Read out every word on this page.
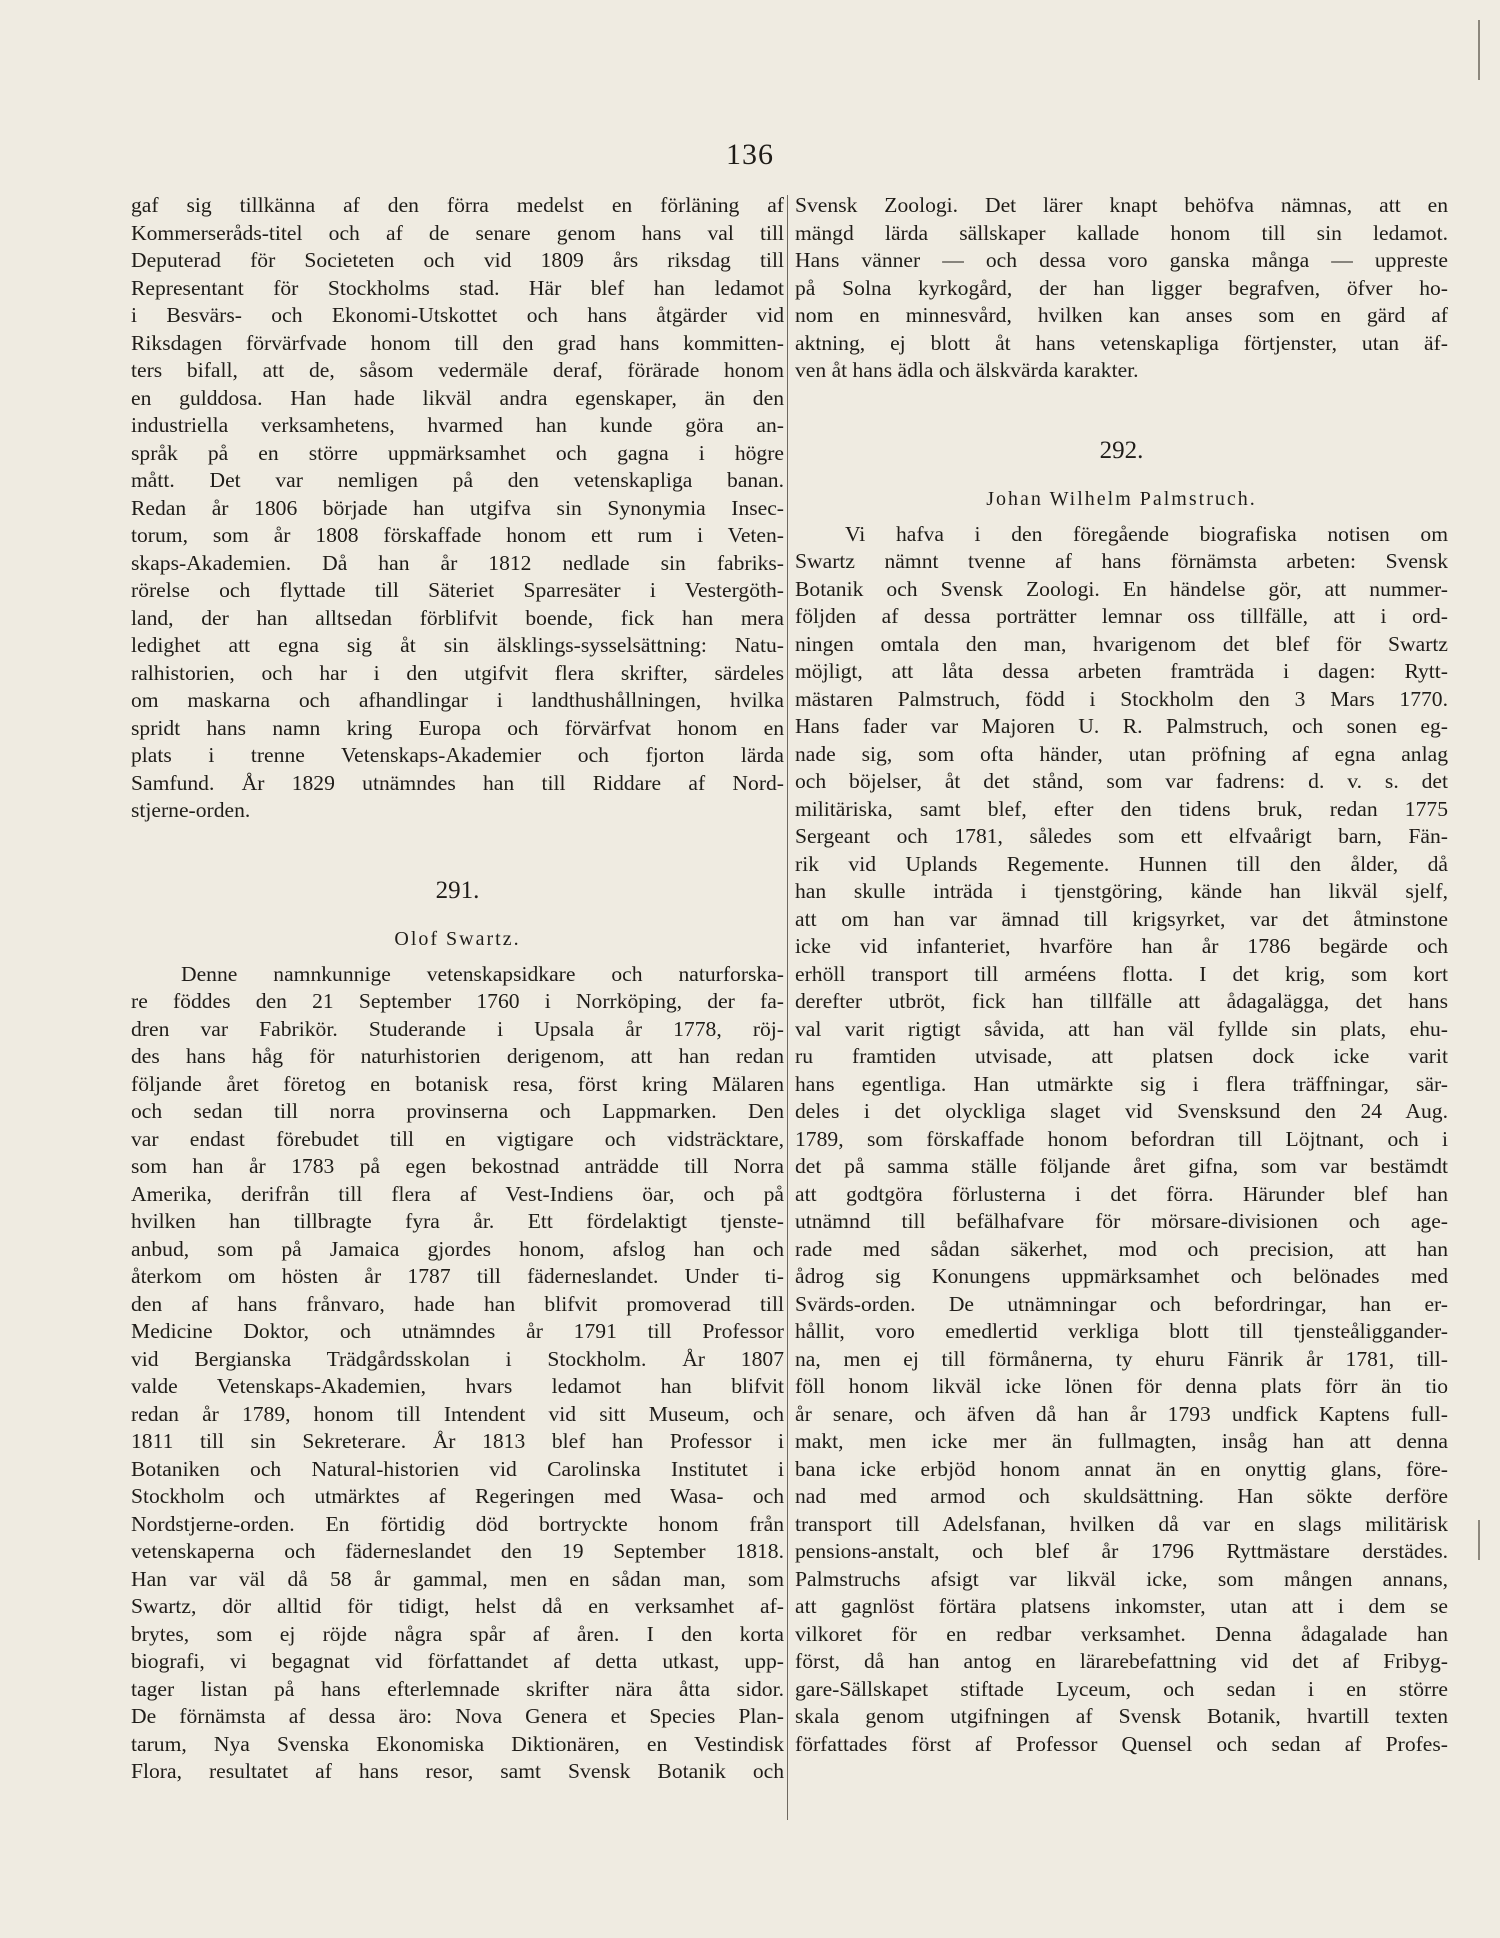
136
gaf sig tillkänna af den förra medelst en förläning af
Kommerseråds-titel och af de senare genom hans val till
Deputerad för Societeten och vid 1809 års riksdag till
Representant för Stockholms stad. Här blef han ledamot
i Besvärs- och Ekonomi-Utskottet och hans åtgärder vid
Riksdagen förvärfvade honom till den grad hans kommitten-
ters bifall, att de, såsom vedermäle deraf, förärade honom
en gulddosa. Han hade likväl andra egenskaper, än den
industriella verksamhetens, hvarmed han kunde göra an-
språk på en större uppmärksamhet och gagna i högre
mått. Det var nemligen på den vetenskapliga banan.
Redan år 1806 började han utgifva sin Synonymia Insec-
torum, som år 1808 förskaffade honom ett rum i Veten-
skaps-Akademien. Då han år 1812 nedlade sin fabriks-
rörelse och flyttade till Säteriet Sparresäter i Vestergöth-
land, der han alltsedan förblifvit boende, fick han mera
ledighet att egna sig åt sin älsklings-sysselsättning: Natu-
ralhistorien, och har i den utgifvit flera skrifter, särdeles
om maskarna och afhandlingar i landthushållningen, hvilka
spridt hans namn kring Europa och förvärfvat honom en
plats i trenne Vetenskaps-Akademier och fjorton lärda
Samfund. År 1829 utnämndes han till Riddare af Nord-
stjerne-orden.
291.
Olof Swartz.
Denne namnkunnige vetenskapsidkare och naturforska-
re föddes den 21 September 1760 i Norrköping, der fa-
dren var Fabrikör. Studerande i Upsala år 1778, röj-
des hans håg för naturhistorien derigenom, att han redan
följande året företog en botanisk resa, först kring Mälaren
och sedan till norra provinserna och Lappmarken. Den
var endast förebudet till en vigtigare och vidsträcktare,
som han år 1783 på egen bekostnad anträdde till Norra
Amerika, derifrån till flera af Vest-Indiens öar, och på
hvilken han tillbragte fyra år. Ett fördelaktigt tjenste-
anbud, som på Jamaica gjordes honom, afslog han och
återkom om hösten år 1787 till fäderneslandet. Under ti-
den af hans frånvaro, hade han blifvit promoverad till
Medicine Doktor, och utnämndes år 1791 till Professor
vid Bergianska Trädgårdsskolan i Stockholm. År 1807
valde Vetenskaps-Akademien, hvars ledamot han blifvit
redan år 1789, honom till Intendent vid sitt Museum, och
1811 till sin Sekreterare. År 1813 blef han Professor i
Botaniken och Natural-historien vid Carolinska Institutet i
Stockholm och utmärktes af Regeringen med Wasa- och
Nordstjerne-orden. En förtidig död bortryckte honom från
vetenskaperna och fäderneslandet den 19 September 1818.
Han var väl då 58 år gammal, men en sådan man, som
Swartz, dör alltid för tidigt, helst då en verksamhet af-
brytes, som ej röjde några spår af åren. I den korta
biografi, vi begagnat vid författandet af detta utkast, upp-
tager listan på hans efterlemnade skrifter nära åtta sidor.
De förnämsta af dessa äro: Nova Genera et Species Plan-
tarum, Nya Svenska Ekonomiska Diktionären, en Vestindisk
Flora, resultatet af hans resor, samt Svensk Botanik och
Svensk Zoologi. Det lärer knapt behöfva nämnas, att en
mängd lärda sällskaper kallade honom till sin ledamot.
Hans vänner — och dessa voro ganska många — uppreste
på Solna kyrkogård, der han ligger begrafven, öfver ho-
nom en minnesvård, hvilken kan anses som en gärd af
aktning, ej blott åt hans vetenskapliga förtjenster, utan äf-
ven åt hans ädla och älskvärda karakter.
292.
Johan Wilhelm Palmstruch.
Vi hafva i den föregående biografiska notisen om
Swartz nämnt tvenne af hans förnämsta arbeten: Svensk
Botanik och Svensk Zoologi. En händelse gör, att nummer-
följden af dessa porträtter lemnar oss tillfälle, att i ord-
ningen omtala den man, hvarigenom det blef för Swartz
möjligt, att låta dessa arbeten framträda i dagen: Rytt-
mästaren Palmstruch, född i Stockholm den 3 Mars 1770.
Hans fader var Majoren U. R. Palmstruch, och sonen eg-
nade sig, som ofta händer, utan pröfning af egna anlag
och böjelser, åt det stånd, som var fadrens: d. v. s. det
militäriska, samt blef, efter den tidens bruk, redan 1775
Sergeant och 1781, således som ett elfvaårigt barn, Fän-
rik vid Uplands Regemente. Hunnen till den ålder, då
han skulle inträda i tjenstgöring, kände han likväl sjelf,
att om han var ämnad till krigsyrket, var det åtminstone
icke vid infanteriet, hvarföre han år 1786 begärde och
erhöll transport till arméens flotta. I det krig, som kort
derefter utbröt, fick han tillfälle att ådagalägga, det hans
val varit rigtigt såvida, att han väl fyllde sin plats, ehu-
ru framtiden utvisade, att platsen dock icke varit
hans egentliga. Han utmärkte sig i flera träffningar, sär-
deles i det olyckliga slaget vid Svensksund den 24 Aug.
1789, som förskaffade honom befordran till Löjtnant, och i
det på samma ställe följande året gifna, som var bestämdt
att godtgöra förlusterna i det förra. Härunder blef han
utnämnd till befälhafvare för mörsare-divisionen och age-
rade med sådan säkerhet, mod och precision, att han
ådrog sig Konungens uppmärksamhet och belönades med
Svärds-orden. De utnämningar och befordringar, han er-
hållit, voro emedlertid verkliga blott till tjensteåliggander-
na, men ej till förmånerna, ty ehuru Fänrik år 1781, till-
föll honom likväl icke lönen för denna plats förr än tio
år senare, och äfven då han år 1793 undfick Kaptens full-
makt, men icke mer än fullmagten, insåg han att denna
bana icke erbjöd honom annat än en onyttig glans, före-
nad med armod och skuldsättning. Han sökte derföre
transport till Adelsfanan, hvilken då var en slags militärisk
pensions-anstalt, och blef år 1796 Ryttmästare derstädes.
Palmstruchs afsigt var likväl icke, som mången annans,
att gagnlöst förtära platsens inkomster, utan att i dem se
vilkoret för en redbar verksamhet. Denna ådagalade han
först, då han antog en lärarebefattning vid det af Fribyg-
gare-Sällskapet stiftade Lyceum, och sedan i en större
skala genom utgifningen af Svensk Botanik, hvartill texten
författades först af Professor Quensel och sedan af Profes-
